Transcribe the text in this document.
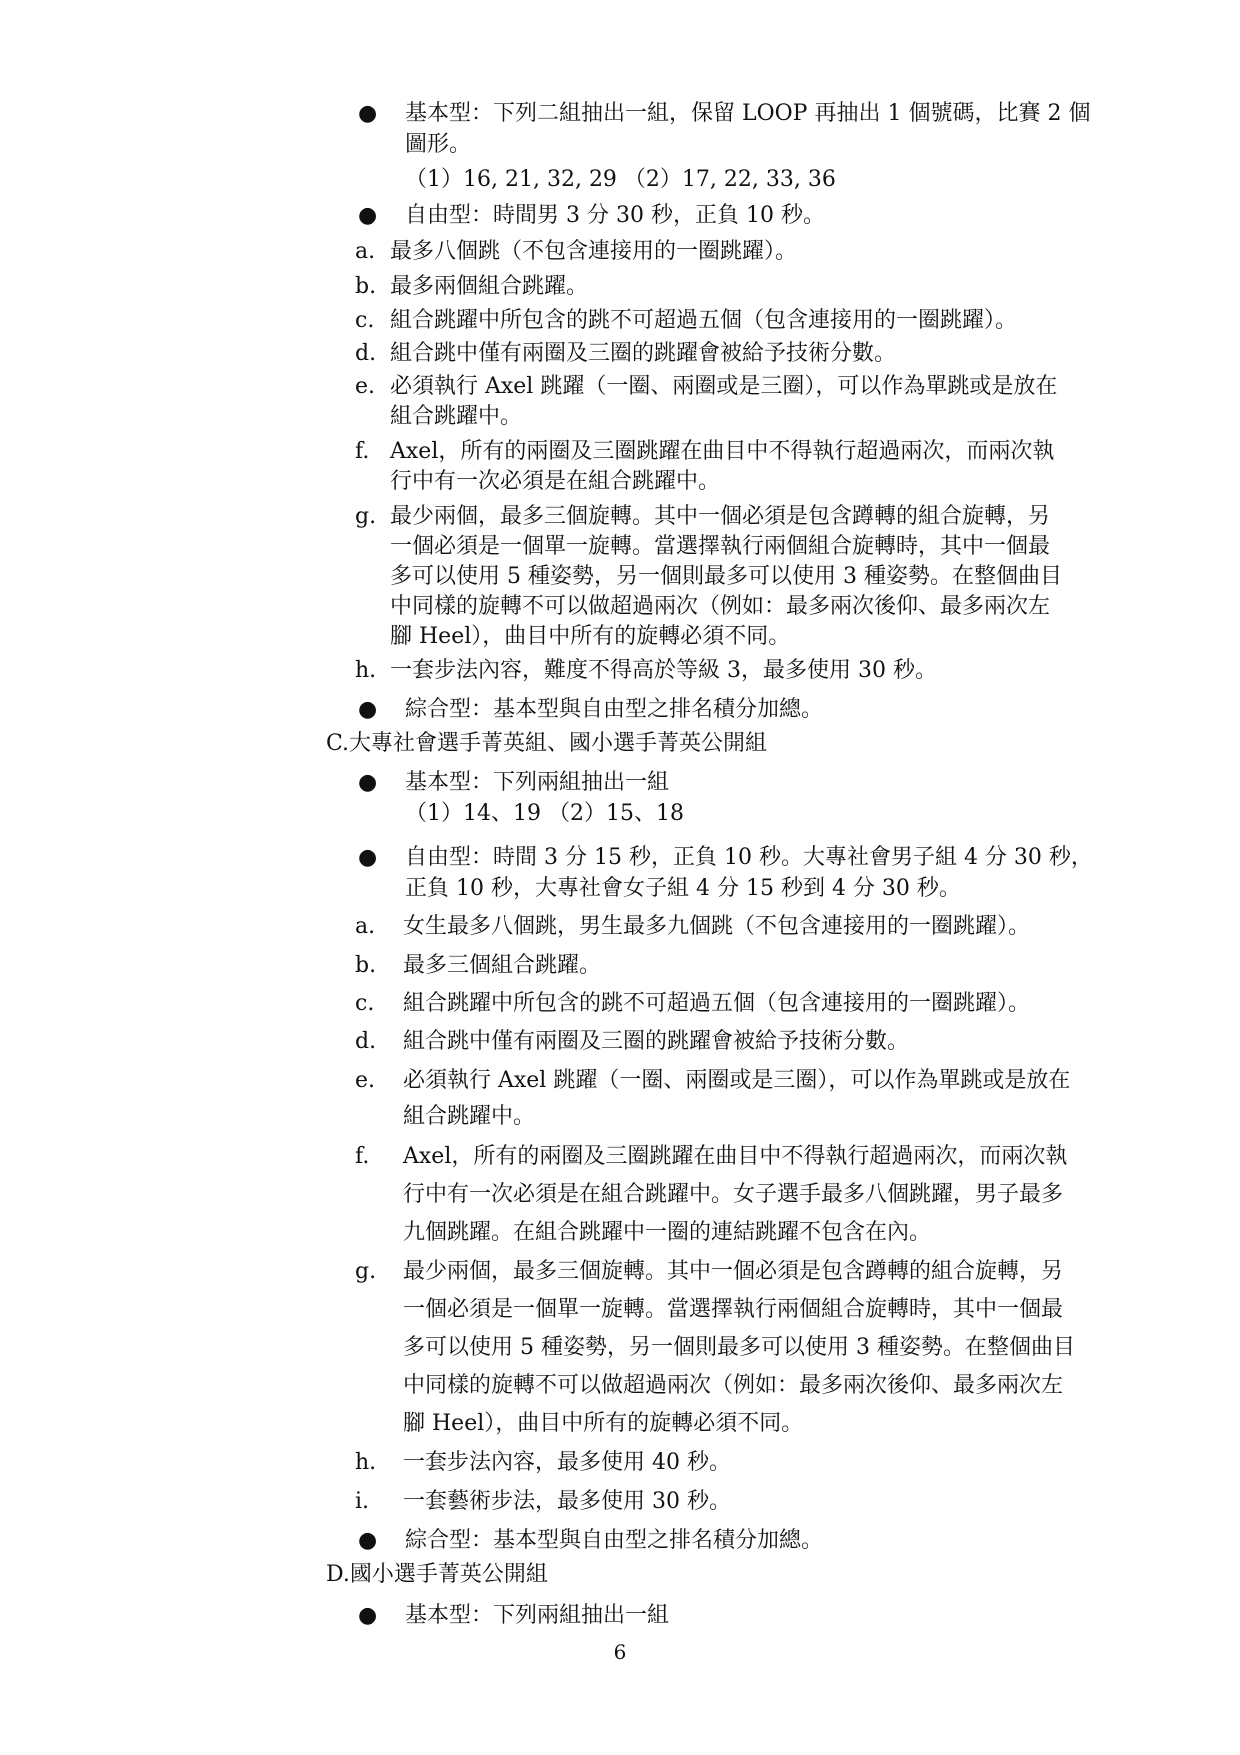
● 基本型：下列二組抽出一組，保留 LOOP 再抽出 1 個號碼，比賽 2 個
圖形。
（1）16, 21, 32, 29 （2）17, 22, 33, 36
● 自由型：時間男 3 分 30 秒，正負 10 秒。
a. 最多八個跳（不包含連接用的一圈跳躍）。
b. 最多兩個組合跳躍。
c. 組合跳躍中所包含的跳不可超過五個（包含連接用的一圈跳躍）。
d. 組合跳中僅有兩圈及三圈的跳躍會被給予技術分數。
e. 必須執行 Axel 跳躍（一圈、兩圈或是三圈），可以作為單跳或是放在
組合跳躍中。
f. Axel，所有的兩圈及三圈跳躍在曲目中不得執行超過兩次，而兩次執
行中有一次必須是在組合跳躍中。
g. 最少兩個，最多三個旋轉。其中一個必須是包含蹲轉的組合旋轉，另
一個必須是一個單一旋轉。當選擇執行兩個組合旋轉時，其中一個最
多可以使用 5 種姿勢，另一個則最多可以使用 3 種姿勢。在整個曲目
中同樣的旋轉不可以做超過兩次（例如：最多兩次後仰、最多兩次左
腳 Heel），曲目中所有的旋轉必須不同。
h. 一套步法內容，難度不得高於等級 3，最多使用 30 秒。
● 綜合型：基本型與自由型之排名積分加總。
C.大專社會選手菁英組、國小選手菁英公開組
● 基本型：下列兩組抽出一組
（1）14、19 （2）15、18
● 自由型：時間 3 分 15 秒，正負 10 秒。大專社會男子組 4 分 30 秒，
正負 10 秒，大專社會女子組 4 分 15 秒到 4 分 30 秒。
a. 女生最多八個跳，男生最多九個跳（不包含連接用的一圈跳躍）。
b. 最多三個組合跳躍。
c. 組合跳躍中所包含的跳不可超過五個（包含連接用的一圈跳躍）。
d. 組合跳中僅有兩圈及三圈的跳躍會被給予技術分數。
e. 必須執行 Axel 跳躍（一圈、兩圈或是三圈），可以作為單跳或是放在
組合跳躍中。
f. Axel，所有的兩圈及三圈跳躍在曲目中不得執行超過兩次，而兩次執
行中有一次必須是在組合跳躍中。女子選手最多八個跳躍，男子最多
九個跳躍。在組合跳躍中一圈的連結跳躍不包含在內。
g. 最少兩個，最多三個旋轉。其中一個必須是包含蹲轉的組合旋轉，另
一個必須是一個單一旋轉。當選擇執行兩個組合旋轉時，其中一個最
多可以使用 5 種姿勢，另一個則最多可以使用 3 種姿勢。在整個曲目
中同樣的旋轉不可以做超過兩次（例如：最多兩次後仰、最多兩次左
腳 Heel），曲目中所有的旋轉必須不同。
h. 一套步法內容，最多使用 40 秒。
i. 一套藝術步法，最多使用 30 秒。
● 綜合型：基本型與自由型之排名積分加總。
D.國小選手菁英公開組
● 基本型：下列兩組抽出一組
6
